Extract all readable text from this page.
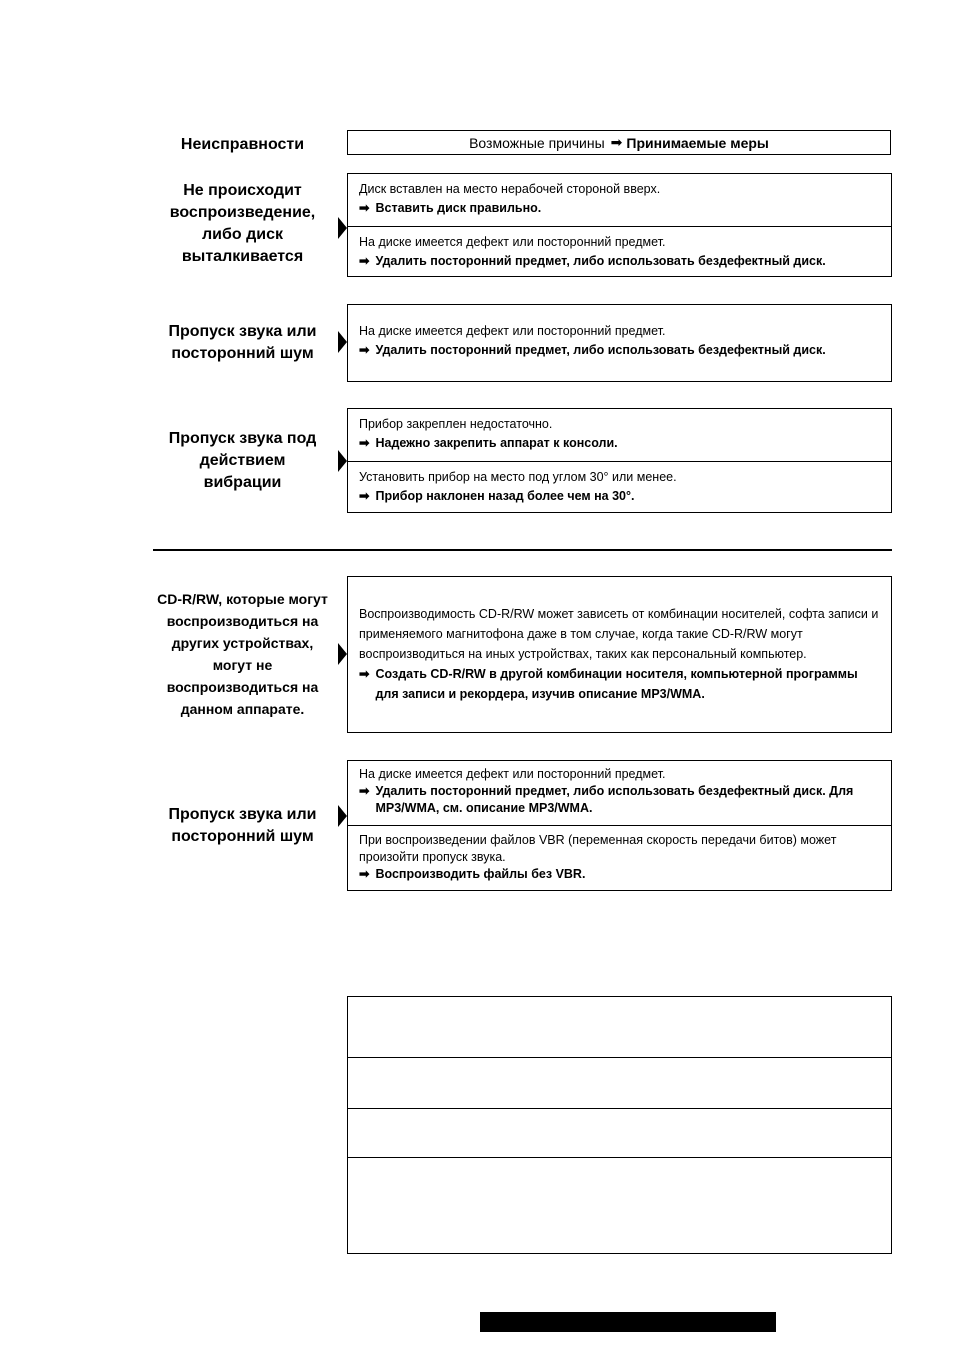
Неисправности	Возможные причины ➡ Принимаемые меры
Не происходит
воспроизведение,
либо диск
выталкивается
Диск вставлен на место нерабочей стороной вверх.
➡ Вставить диск правильно.
На диске имеется дефект или посторонний предмет.
➡ Удалить посторонний предмет, либо использовать бездефектный диск.
Пропуск звука или
посторонний шум
На диске имеется дефект или посторонний предмет.
➡ Удалить посторонний предмет, либо использовать бездефектный диск.
Пропуск звука под
действием
вибрации
Прибор закреплен недостаточно.
➡ Надежно закрепить аппарат к консоли.
Установить прибор на место под углом 30° или менее.
➡ Прибор наклонен назад более чем на 30°.
CD-R/RW, которые могут
воспроизводиться на
других устройствах,
могут не
воспроизводиться на
данном аппарате.
Воспроизводимость CD-R/RW может зависеть от комбинации носителей, софта записи и применяемого магнитофона даже в том случае, когда такие CD-R/RW могут воспроизводиться на иных устройствах, таких как персональный компьютер.
➡ Создать CD-R/RW в другой комбинации носителя, компьютерной программы для записи и рекордера, изучив описание MP3/WMA.
Пропуск звука или
посторонний шум
На диске имеется дефект или посторонний предмет.
➡ Удалить посторонний предмет, либо использовать бездефектный диск. Для MP3/WMA, см. описание MP3/WMA.
При воспроизведении файлов VBR (переменная скорость передачи битов) может произойти пропуск звука.
➡ Воспроизводить файлы без VBR.
